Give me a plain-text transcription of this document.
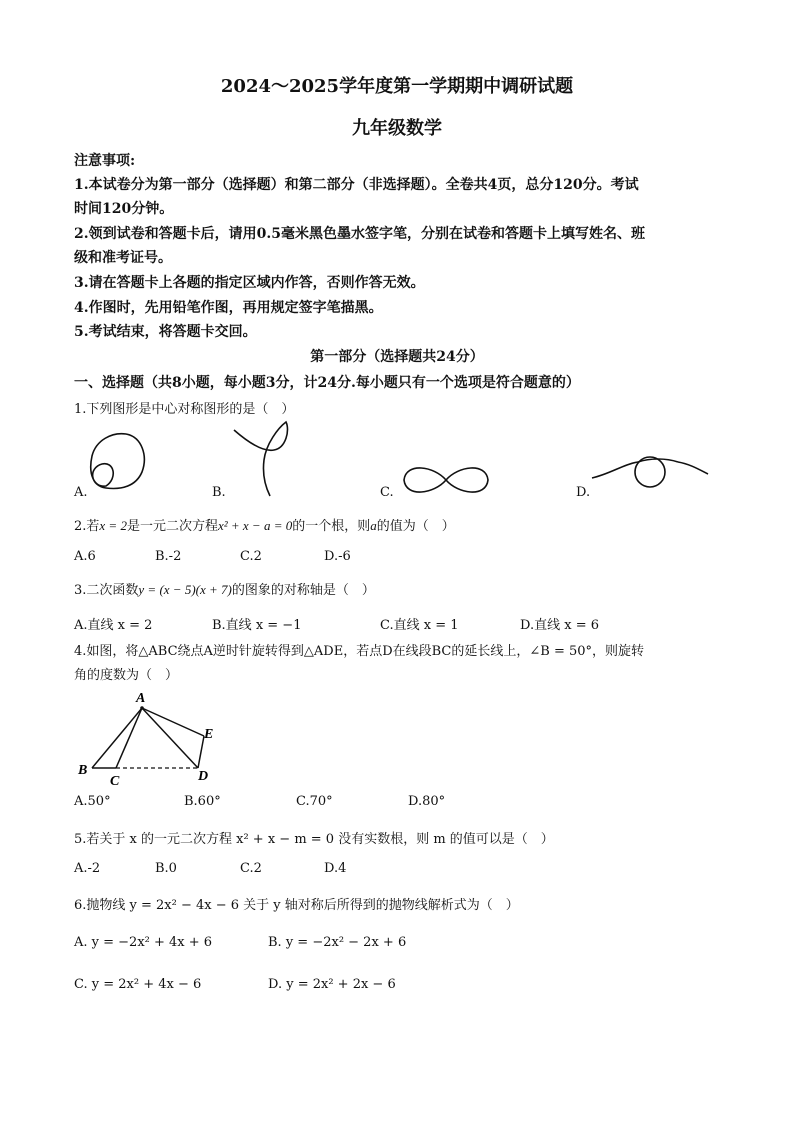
2024～2025学年度第一学期期中调研试题
九年级数学
注意事项:
1.本试卷分为第一部分（选择题）和第二部分（非选择题）。全卷共4页，总分120分。考试
时间120分钟。
2.领到试卷和答题卡后，请用0.5毫米黑色墨水签字笔，分别在试卷和答题卡上填写姓名、班
级和准考证号。
3.请在答题卡上各题的指定区域内作答，否则作答无效。
4.作图时，先用铅笔作图，再用规定签字笔描黑。
5.考试结束，将答题卡交回。
第一部分（选择题共24分）
一、选择题（共8小题，每小题3分，计24分.每小题只有一个选项是符合题意的）
1.下列图形是中心对称图形的是（　）
A.	B.	C.	D.
2.若x = 2是一元二次方程x² + x − a = 0的一个根，则a的值为（　）
A.6	B.-2	C.2	D.-6
3.二次函数y = (x − 5)(x + 7)的图象的对称轴是（　）
A.直线 x = 2	B.直线 x = −1	C.直线 x = 1	D.直线 x = 6
4.如图，将△ABC绕点A逆时针旋转得到△ADE，若点D在线段BC的延长线上，∠B = 50°，则旋转
角的度数为（　）
A
B
C	D
E
A.50°	B.60°	C.70°	D.80°
5.若关于 x 的一元二次方程 x² + x − m = 0 没有实数根，则 m 的值可以是（　）
A.-2	B.0	C.2	D.4
6.抛物线 y = 2x² − 4x − 6 关于 y 轴对称后所得到的抛物线解析式为（　）
A. y = −2x² + 4x + 6	B. y = −2x² − 2x + 6
C. y = 2x² + 4x − 6	D. y = 2x² + 2x − 6
